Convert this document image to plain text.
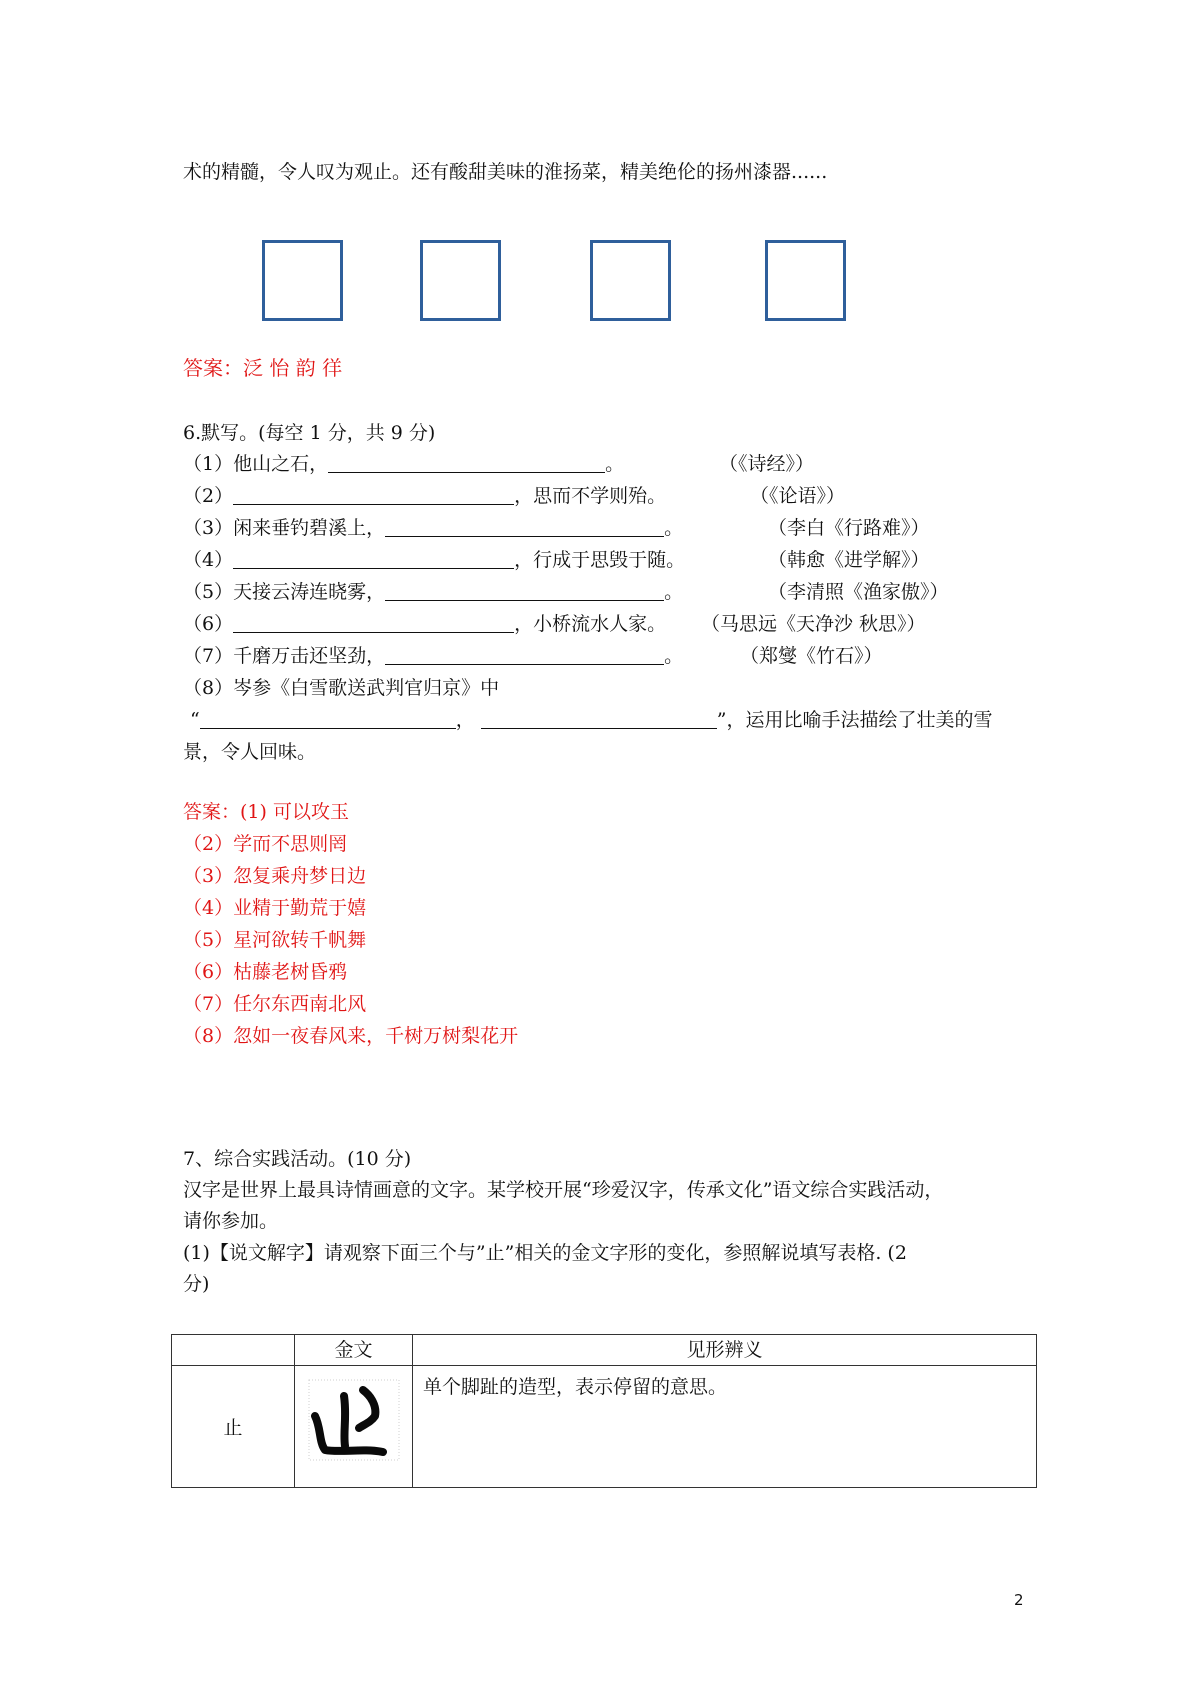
术的精髓，令人叹为观止。还有酸甜美味的淮扬菜，精美绝伦的扬州漆器......
答案：泛 怡 韵 徉
6.默写。(每空 1 分，共 9 分)
（1）他山之石，	。	（《诗经》）
（2）	，思而不学则殆。	（《论语》）
（3）闲来垂钓碧溪上，	。	（李白《行路难》）
（4）	，行成于思毁于随。	（韩愈《进学解》）
（5）天接云涛连晓雾，	。	（李清照《渔家傲》）
（6）	，小桥流水人家。 （马思远《天净沙 秋思》）
（7）千磨万击还坚劲，	。	（郑燮《竹石》）
（8）岑参《白雪歌送武判官归京》中
“	，	”，运用比喻手法描绘了壮美的雪
景，令人回味。
答案：(1) 可以攻玉
（2）学而不思则罔
（3）忽复乘舟梦日边
（4）业精于勤荒于嬉
（5）星河欲转千帆舞
（6）枯藤老树昏鸦
（7）任尔东西南北风
（8）忽如一夜春风来，千树万树梨花开
7、综合实践活动。(10 分)
汉字是世界上最具诗情画意的文字。某学校开展“珍爱汉字，传承文化”语文综合实践活动，
请你参加。
(1)【说文解字】请观察下面三个与”止”相关的金文字形的变化，参照解说填写表格. (2
分)
	金文	见形辨义
止		单个脚趾的造型，表示停留的意思。
2
